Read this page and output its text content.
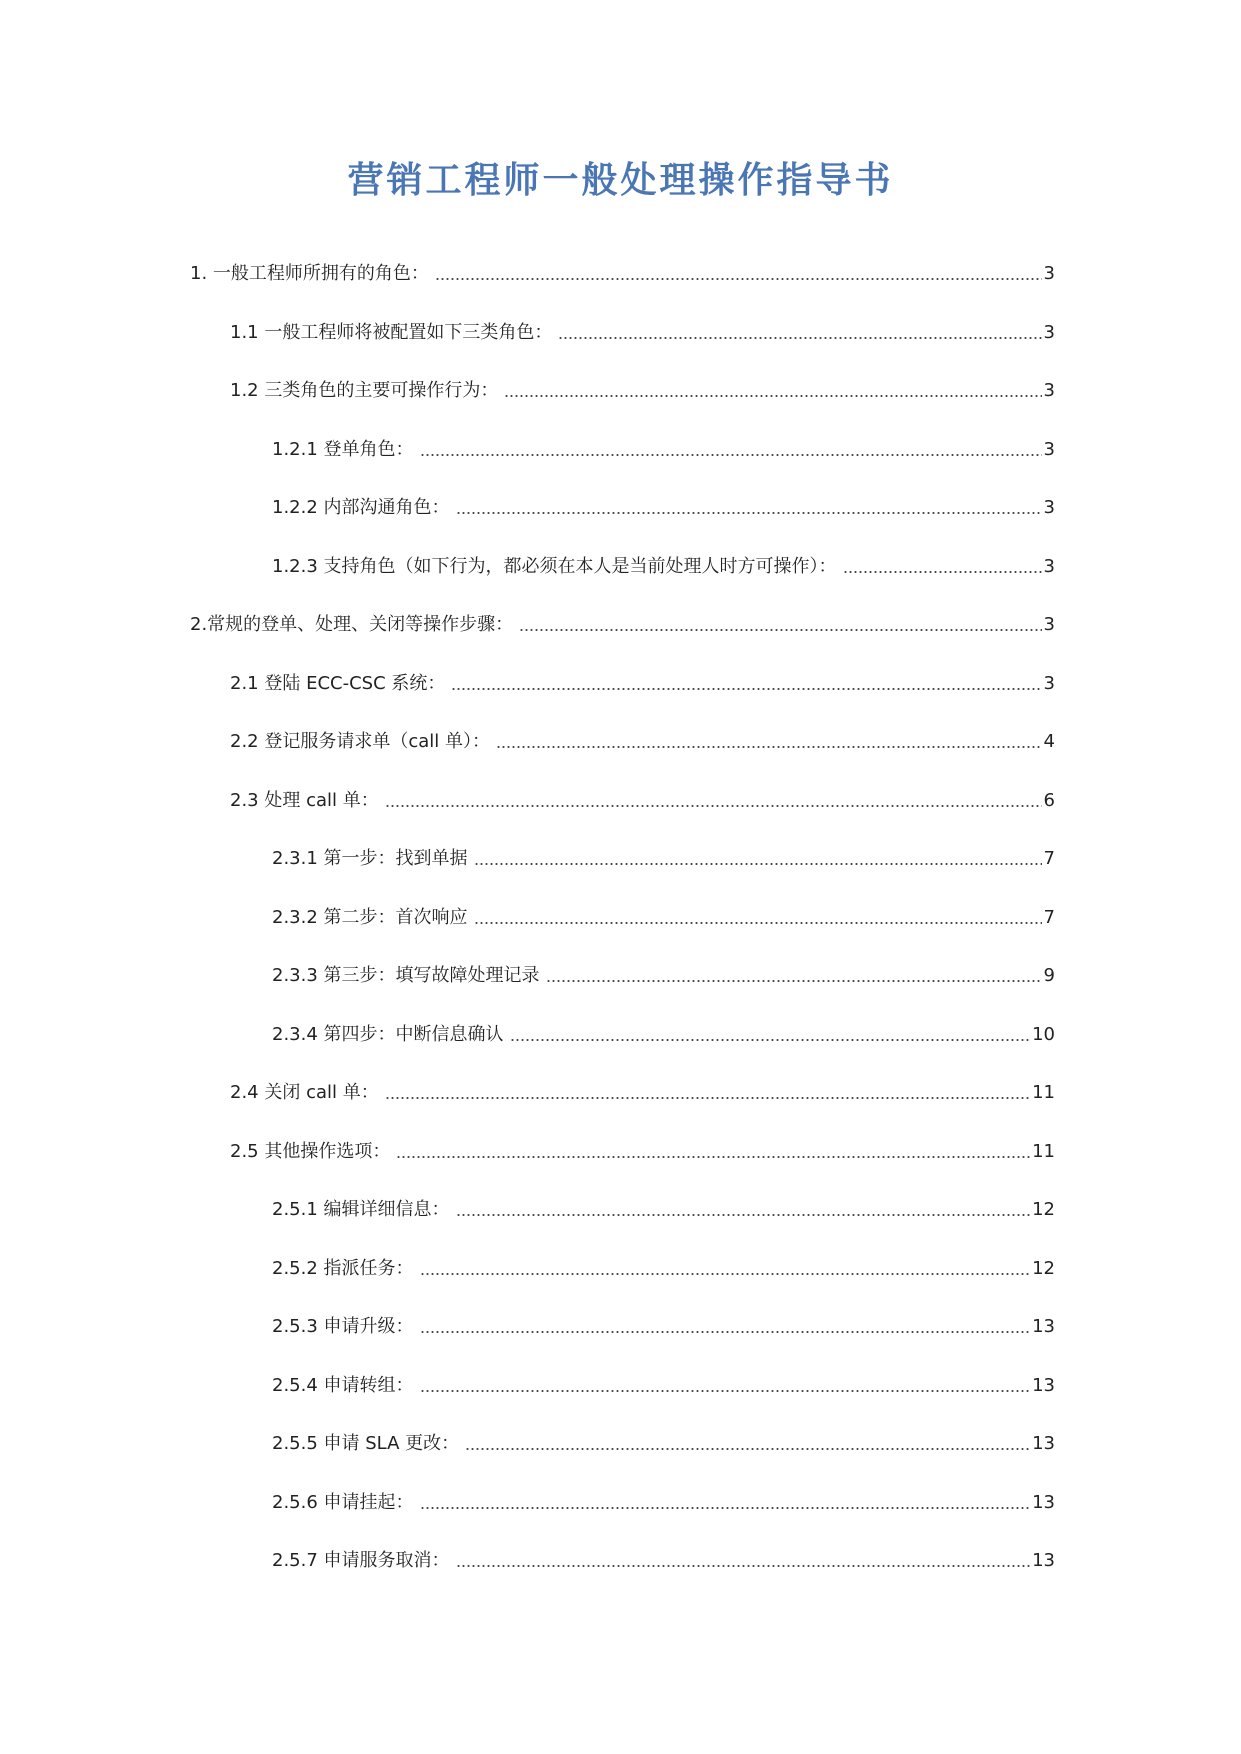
营销工程师一般处理操作指导书
1. 一般工程师所拥有的角色：	3
1.1 一般工程师将被配置如下三类角色：	3
1.2 三类角色的主要可操作行为：	3
1.2.1 登单角色：	3
1.2.2 内部沟通角色：	3
1.2.3 支持角色（如下行为，都必须在本人是当前处理人时方可操作）：	3
2.常规的登单、处理、关闭等操作步骤：	3
2.1 登陆 ECC-CSC 系统：	3
2.2 登记服务请求单（call 单）：	4
2.3 处理 call 单：	6
2.3.1 第一步：找到单据	7
2.3.2 第二步：首次响应	7
2.3.3 第三步：填写故障处理记录	9
2.3.4 第四步：中断信息确认	10
2.4 关闭 call 单：	11
2.5 其他操作选项：	11
2.5.1 编辑详细信息：	12
2.5.2 指派任务：	12
2.5.3 申请升级：	13
2.5.4 申请转组：	13
2.5.5 申请 SLA 更改：	13
2.5.6 申请挂起：	13
2.5.7 申请服务取消：	13
